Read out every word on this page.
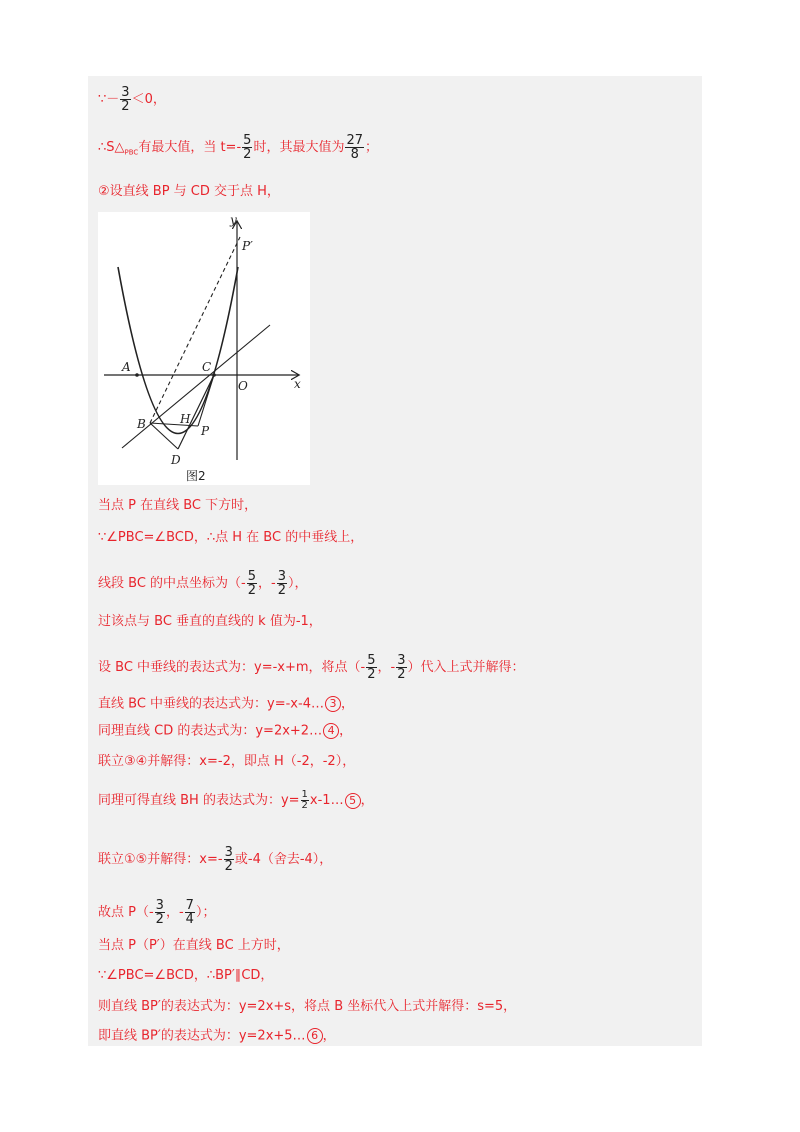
∵－ $\frac{3}{2} <0$，
$\therefore S\triangle_{PBC}$有最大值，当 $t=- \frac{5}{2}$ 时，其最大值为 $\frac{27}{8}$ ；
②设直线 BP 与 CD 交于点 H，
y
x
P′
A	C
O
B	H
P
D
图2
当点 P 在直线 BC 下方时，
∵∠PBC=∠BCD，∴点 H 在 BC 的中垂线上，
线段 BC 的中点坐标为（- $\frac{5}{2}$ ，- $\frac{3}{2}$ ），
过该点与 BC 垂直的直线的 k 值为-1，
设 BC 中垂线的表达式为：y=-x+m，将点（- $\frac{5}{2}$ ，- $\frac{3}{2}$ ）代入上式并解得：
直线 BC 中垂线的表达式为：y=-x-4… 3 ，
同理直线 CD 的表达式为：y=2x+2… 4 ，
联立③④并解得：x=-2，即点 H（-2，-2），
同理可得直线 BH 的表达式为：$y= \frac{1}{2}$ x-1… 5 ，
联立①⑤并解得：$x=- \frac{3}{2}$ 或-4（舍去-4），
故点 $P(- \frac{3}{2}$ ，- $\frac{7}{4}$ ）；
当点 P（P′）在直线 BC 上方时，
∵∠PBC=∠BCD，∴BP′∥CD，
则直线 BP′的表达式为：y=2x+s，将点 B 坐标代入上式并解得：s=5，
即直线 BP′的表达式为：y=2x+5… 6 ，
